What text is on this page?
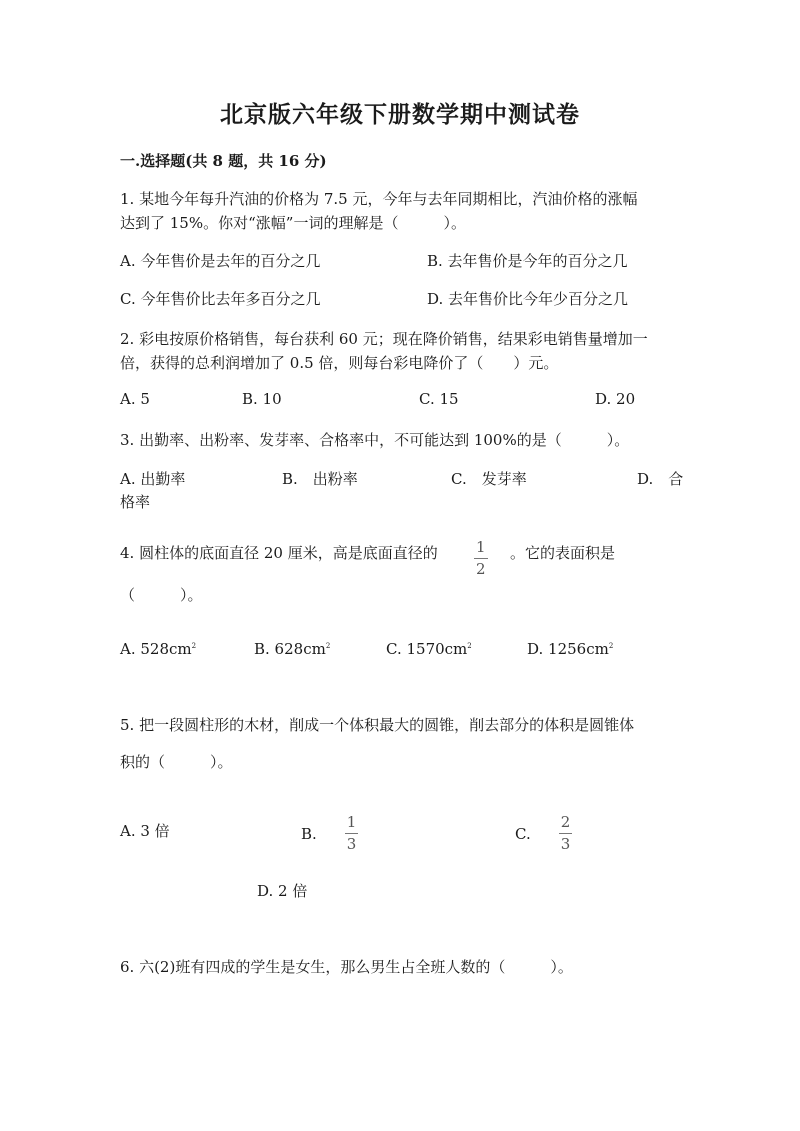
北京版六年级下册数学期中测试卷
一.选择题(共 8 题，共 16 分)
1. 某地今年每升汽油的价格为 7.5 元，今年与去年同期相比，汽油价格的涨幅
达到了 15%。你对“涨幅”一词的理解是（　　　）。
A. 今年售价是去年的百分之几	B. 去年售价是今年的百分之几
C. 今年售价比去年多百分之几	D. 去年售价比今年少百分之几
2. 彩电按原价格销售，每台获利 60 元；现在降价销售，结果彩电销售量增加一
倍，获得的总利润增加了 0.5 倍，则每台彩电降价了（　　）元。
A. 5	B. 10	C. 15	D. 20
3. 出勤率、出粉率、发芽率、合格率中，不可能达到 100%的是（　　　）。
A. 出勤率	B.　出粉率	C.　发芽率	D.　合
格率
4. 圆柱体的底面直径 20 厘米，高是底面直径的 $\frac{1}{2}$ 。它的表面积是
（　　　）。
A. $528cm^2$	B. $628cm^2$	C. $1570cm^2$	D. $1256cm^2$
5. 把一段圆柱形的木材，削成一个体积最大的圆锥，削去部分的体积是圆锥体
积的（　　　）。
A. 3 倍	B. $\frac{1}{3}$	C. $\frac{2}{3}$
D. 2 倍
6. 六(2)班有四成的学生是女生，那么男生占全班人数的（　　　）。
